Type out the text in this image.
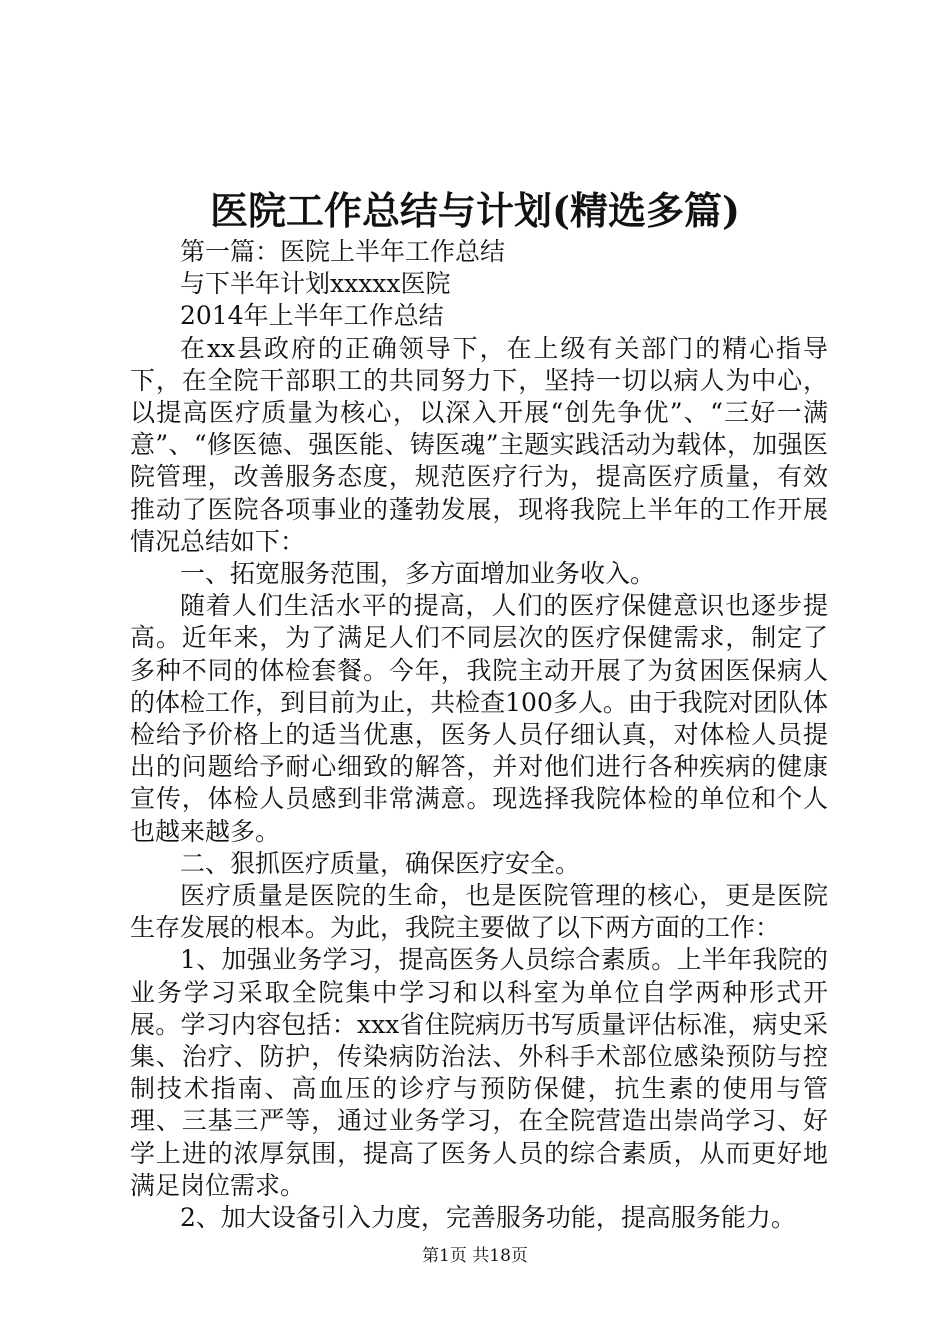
医院工作总结与计划(精选多篇)

第一篇：医院上半年工作总结

与下半年计划xxxxx医院

2014年上半年工作总结

在xx县政府的正确领导下，在上级有关部门的精心指导下，在全院干部职工的共同努力下，坚持一切以病人为中心，以提高医疗质量为核心，以深入开展“创先争优”、“三好一满意”、“修医德、强医能、铸医魂”主题实践活动为载体，加强医院管理，改善服务态度，规范医疗行为，提高医疗质量，有效推动了医院各项事业的蓬勃发展，现将我院上半年的工作开展情况总结如下：

一、拓宽服务范围，多方面增加业务收入。

随着人们生活水平的提高，人们的医疗保健意识也逐步提高。近年来，为了满足人们不同层次的医疗保健需求，制定了多种不同的体检套餐。今年，我院主动开展了为贫困医保病人的体检工作，到目前为止，共检查100多人。由于我院对团队体检给予价格上的适当优惠，医务人员仔细认真，对体检人员提出的问题给予耐心细致的解答，并对他们进行各种疾病的健康宣传，体检人员感到非常满意。现选择我院体检的单位和个人也越来越多。

二、狠抓医疗质量，确保医疗安全。

医疗质量是医院的生命，也是医院管理的核心，更是医院生存发展的根本。为此，我院主要做了以下两方面的工作：

1、加强业务学习，提高医务人员综合素质。上半年我院的业务学习采取全院集中学习和以科室为单位自学两种形式开展。学习内容包括：xxx省住院病历书写质量评估标准，病史采集、治疗、防护，传染病防治法、外科手术部位感染预防与控制技术指南、高血压的诊疗与预防保健，抗生素的使用与管理、三基三严等，通过业务学习，在全院营造出崇尚学习、好学上进的浓厚氛围，提高了医务人员的综合素质，从而更好地满足岗位需求。

2、加大设备引入力度，完善服务功能，提高服务能力。

第1页 共18页
